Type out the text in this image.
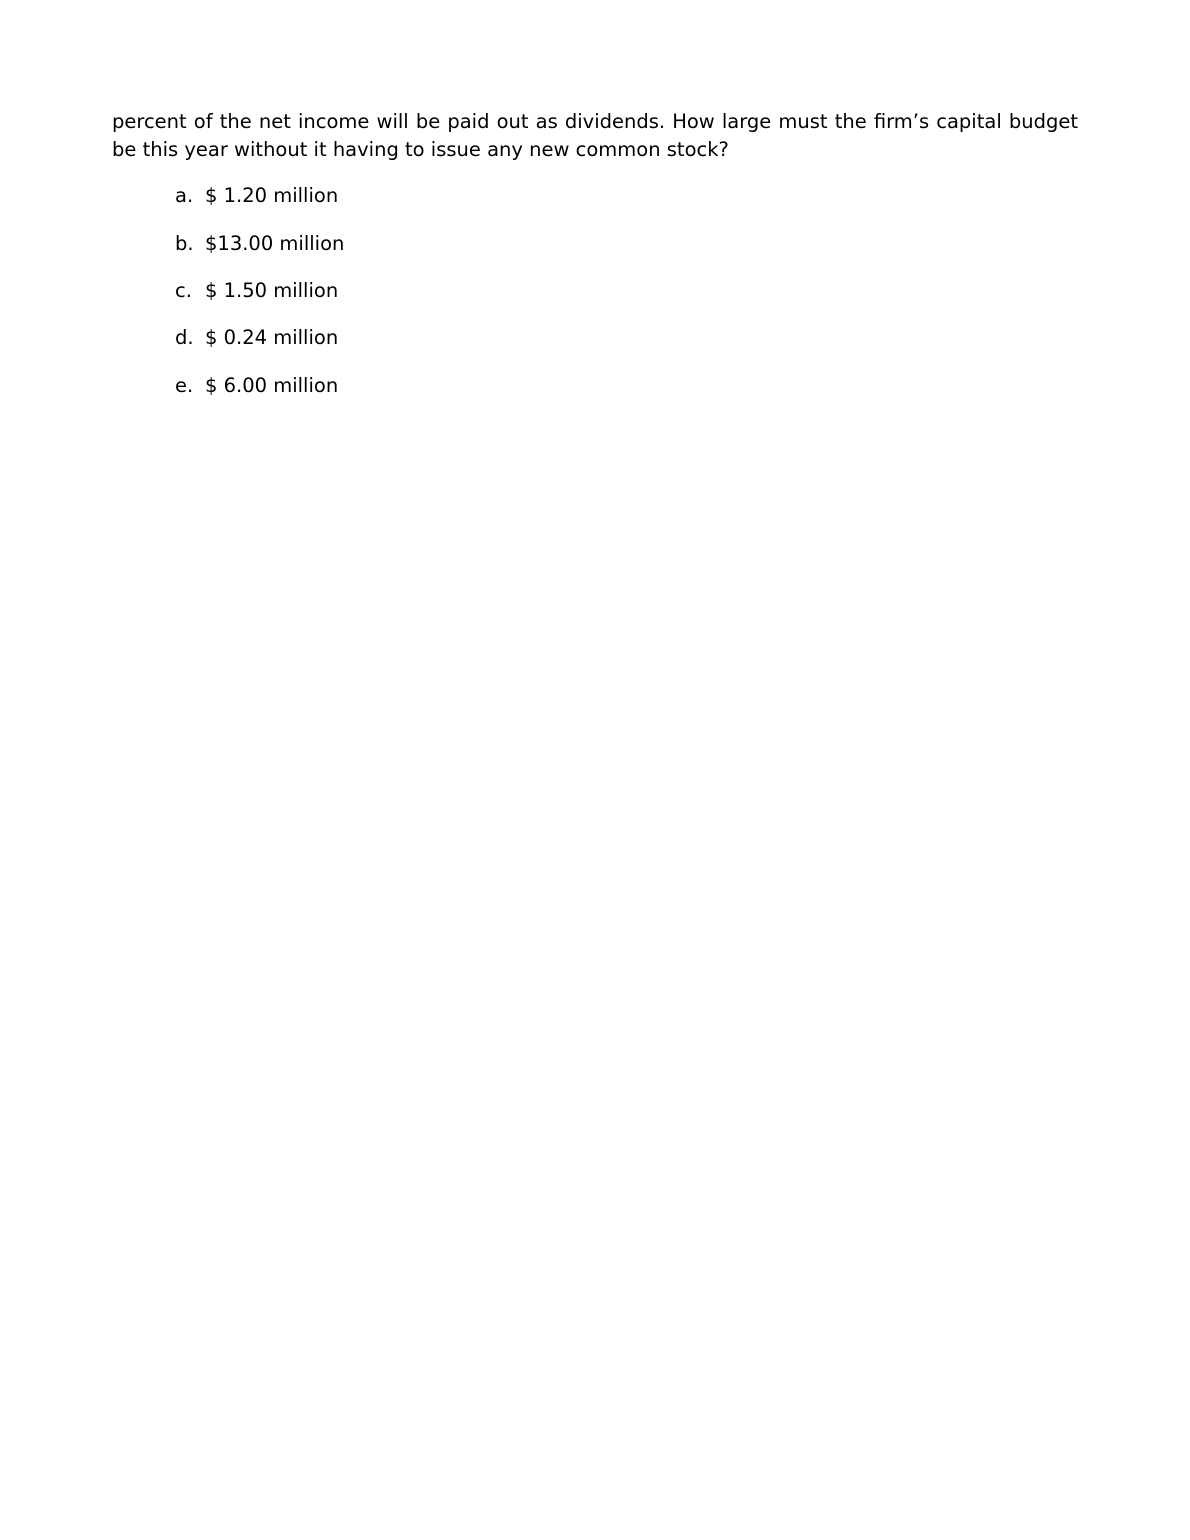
percent of the net income will be paid out as dividends. How large must the firm’s capital budget be this year without it having to issue any new common stock?

a. $ 1.20 million
b. $13.00 million
c. $ 1.50 million
d. $ 0.24 million
e. $ 6.00 million
